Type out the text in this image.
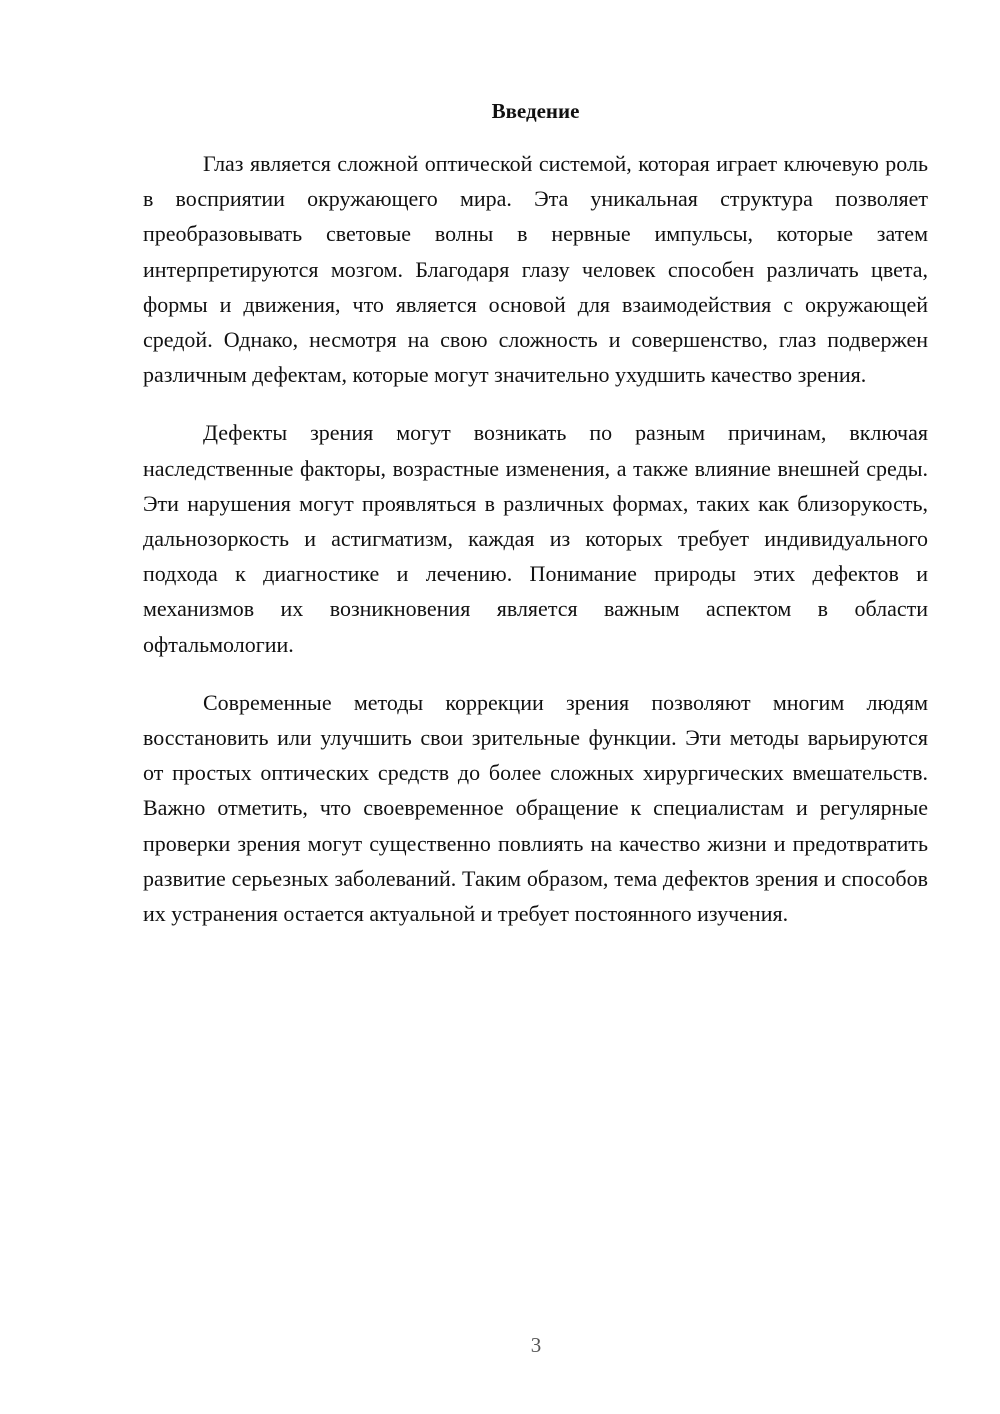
Введение

Глаз является сложной оптической системой, которая играет ключевую роль в восприятии окружающего мира. Эта уникальная структура позволяет преобразовывать световые волны в нервные импульсы, которые затем интерпретируются мозгом. Благодаря глазу человек способен различать цвета, формы и движения, что является основой для взаимодействия с окружающей средой. Однако, несмотря на свою сложность и совершенство, глаз подвержен различным дефектам, которые могут значительно ухудшить качество зрения.

Дефекты зрения могут возникать по разным причинам, включая наследственные факторы, возрастные изменения, а также влияние внешней среды. Эти нарушения могут проявляться в различных формах, таких как близорукость, дальнозоркость и астигматизм, каждая из которых требует индивидуального подхода к диагностике и лечению. Понимание природы этих дефектов и механизмов их возникновения является важным аспектом в области офтальмологии.

Современные методы коррекции зрения позволяют многим людям восстановить или улучшить свои зрительные функции. Эти методы варьируются от простых оптических средств до более сложных хирургических вмешательств. Важно отметить, что своевременное обращение к специалистам и регулярные проверки зрения могут существенно повлиять на качество жизни и предотвратить развитие серьезных заболеваний. Таким образом, тема дефектов зрения и способов их устранения остается актуальной и требует постоянного изучения.

3
